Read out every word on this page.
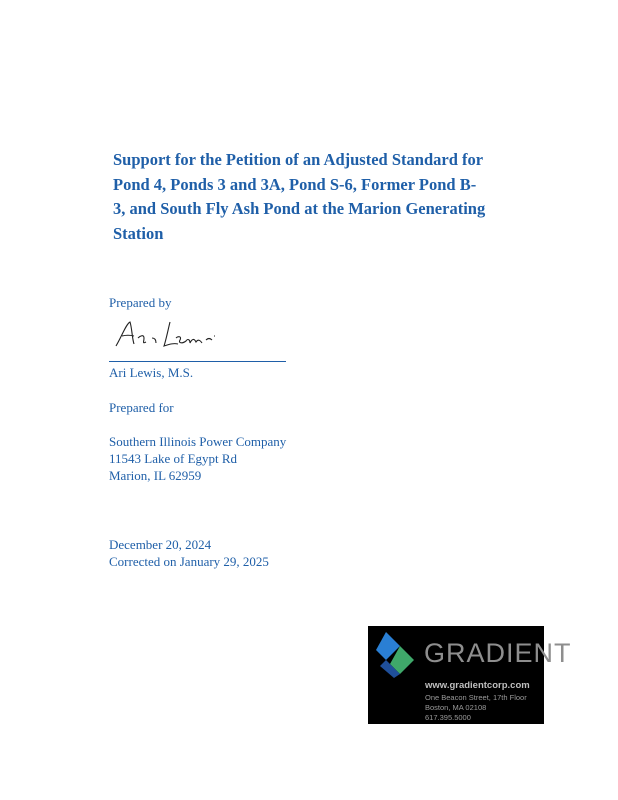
Support for the Petition of an Adjusted Standard for
Pond 4, Ponds 3 and 3A, Pond S-6, Former Pond B-
3, and South Fly Ash Pond at the Marion Generating
Station
Prepared by
Ari Lewis, M.S.
Prepared for
Southern Illinois Power Company
11543 Lake of Egypt Rd
Marion, IL 62959
December 20, 2024
Corrected on January 29, 2025
GRADIENT
www.gradientcorp.com
One Beacon Street, 17th Floor
Boston, MA 02108
617.395.5000
